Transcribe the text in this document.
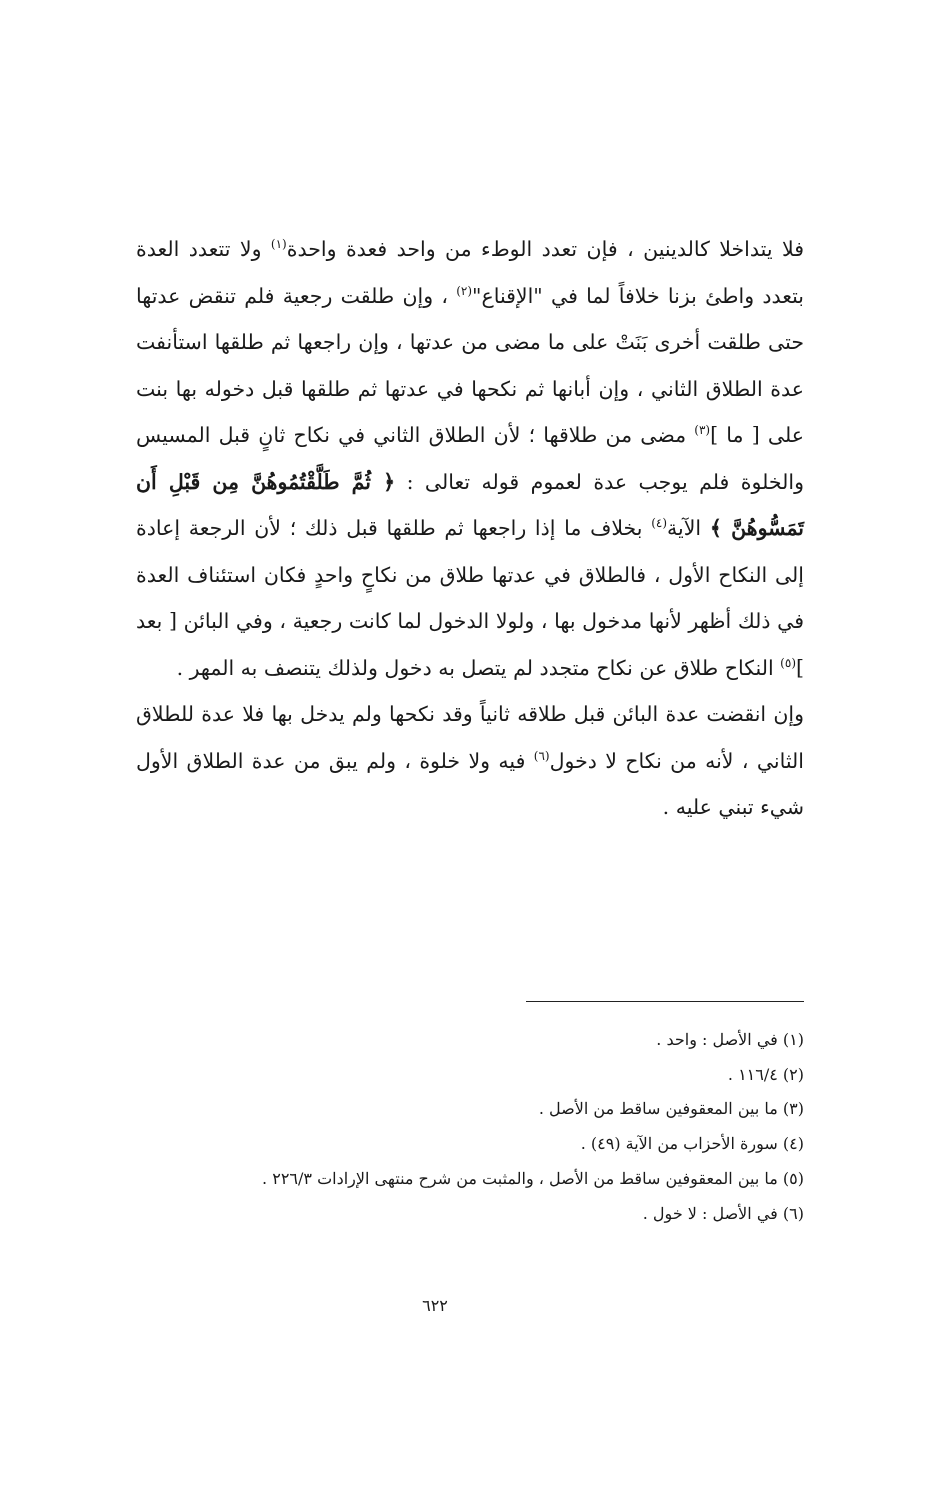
فلا يتداخلا كالدينين ، فإن تعدد الوطء من واحد فعدة واحدة$^{(١)}$ ولا تتعدد العدة بتعدد واطئ بزنا خلافاً لما في "الإقناع"$^{(٢)}$ ، وإن طلقت رجعية فلم تنقض عدتها حتى طلقت أخرى بَنَتْ على ما مضى من عدتها ، وإن راجعها ثم طلقها استأنفت عدة الطلاق الثاني ، وإن أبانها ثم نكحها في عدتها ثم طلقها قبل دخوله بها بنت على [ ما ]$^{(٣)}$ مضى من طلاقها ؛ لأن الطلاق الثاني في نكاح ثانٍ قبل المسيس والخلوة فلم يوجب عدة لعموم قوله تعالى : ﴿ ثُمَّ طَلَّقْتُمُوهُنَّ مِن قَبْلِ أَن تَمَسُّوهُنَّ ﴾ الآية$^{(٤)}$ بخلاف ما إذا راجعها ثم طلقها قبل ذلك ؛ لأن الرجعة إعادة إلى النكاح الأول ، فالطلاق في عدتها طلاق من نكاحٍ واحدٍ فكان استئناف العدة في ذلك أظهر لأنها مدخول بها ، ولولا الدخول لما كانت رجعية ، وفي البائن [ بعد ]$^{(٥)}$ النكاح طلاق عن نكاح متجدد لم يتصل به دخول ولذلك يتنصف به المهر .

وإن انقضت عدة البائن قبل طلاقه ثانياً وقد نكحها ولم يدخل بها فلا عدة للطلاق الثاني ، لأنه من نكاح لا دخول$^{(٦)}$ فيه ولا خلوة ، ولم يبق من عدة الطلاق الأول شيء تبني عليه .

(١) في الأصل : واحد .
(٢) ١١٦/٤ .
(٣) ما بين المعقوفين ساقط من الأصل .
(٤) سورة الأحزاب من الآية (٤٩) .
(٥) ما بين المعقوفين ساقط من الأصل ، والمثبت من شرح منتهى الإرادات ٢٢٦/٣ .
(٦) في الأصل : لا خول .
٦٢٢
